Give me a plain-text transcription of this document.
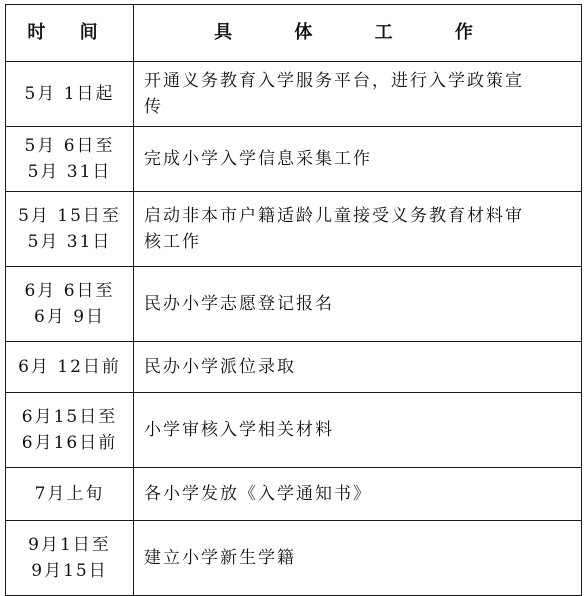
时 间	具 体 工 作

5月 1日起	开通义务教育入学服务平台，进行入学政策宣
传

5月 6日至
5月 31日	完成小学入学信息采集工作

5月 15日至
5月 31日	启动非本市户籍适龄儿童接受义务教育材料审
核工作

6月 6日至
6月 9日	民办小学志愿登记报名

6月 12日前	民办小学派位录取

6月15日至
6月16日前	小学审核入学相关材料

7月上旬	各小学发放《入学通知书》

9月1日至
9月15日	建立小学新生学籍
